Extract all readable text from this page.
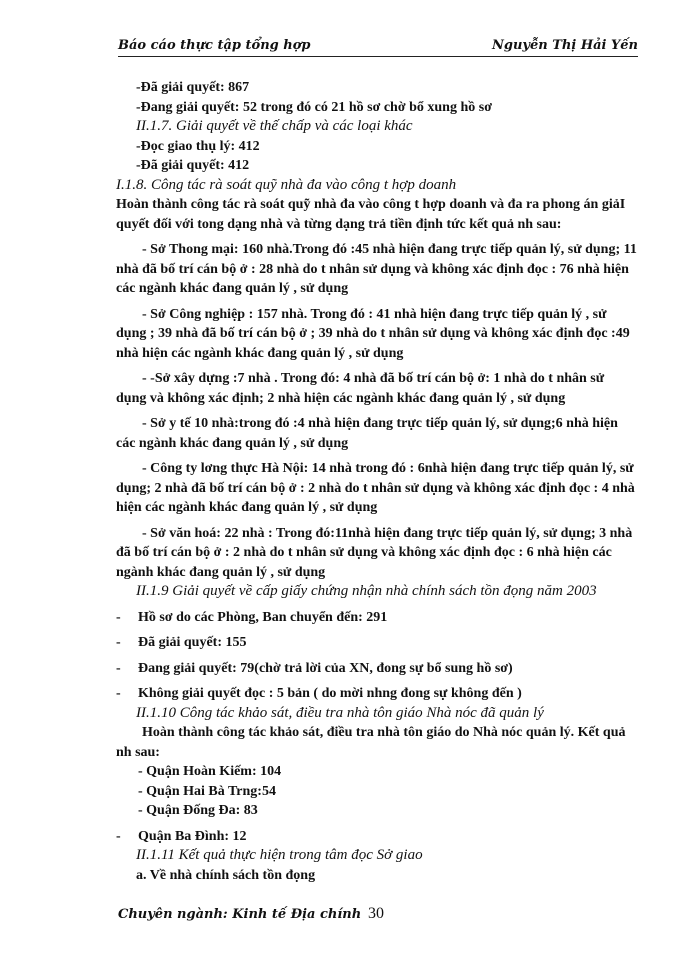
Báo cáo thực tập tổng hợp	Nguyễn Thị Hải Yến

-Đã giải quyết: 867

-Đang giải quyết: 52 trong đó có 21 hồ sơ chờ bổ xung hồ sơ

II.1.7. Giải quyết về thế chấp và các loại khác

-Đọc giao thụ lý: 412

-Đã giải quyết: 412

I.1.8. Công tác rà soát quỹ nhà đa vào công t hợp doanh

Hoàn thành công tác rà soát quỹ nhà đa vào công t hợp doanh và đa ra phong án giảI quyết đối với tong dạng nhà và từng dạng trả tiền định tức kết quả nh sau:

‐ Sở Thong mại: 160 nhà.Trong đó :45 nhà hiện đang trực tiếp quản lý, sử dụng; 11 nhà đã bố trí cán bộ ở : 28 nhà do t nhân sử dụng và không xác định đọc : 76 nhà hiện các ngành khác đang quản lý , sử dụng

‐ Sở Công nghiệp : 157 nhà. Trong đó : 41 nhà hiện đang trực tiếp quản lý , sử dụng ; 39 nhà đã bố trí cán bộ ở ; 39 nhà do t nhân sử dụng và không xác định đọc :49 nhà hiện các ngành khác đang quản lý , sử dụng

‐ -Sở xây dựng :7 nhà . Trong đó: 4 nhà đã bố trí cán bộ ở: 1 nhà do t nhân sử dụng và không xác định; 2 nhà hiện các ngành khác đang quản lý , sử dụng

‐ Sở y tế 10 nhà:trong đó :4 nhà hiện đang trực tiếp quản lý, sử dụng;6 nhà hiện các ngành khác đang quản lý , sử dụng

‐ Công ty lơng thực Hà Nội: 14 nhà trong đó : 6nhà hiện đang trực tiếp quản lý, sử dụng; 2 nhà đã bố trí cán bộ ở : 2 nhà do t nhân sử dụng và không xác định đọc : 4 nhà hiện các ngành khác đang quản lý , sử dụng

‐ Sở văn hoá: 22 nhà : Trong đó:11nhà hiện đang trực tiếp quản lý, sử dụng; 3 nhà đã bố trí cán bộ ở : 2 nhà do t nhân sử dụng và không xác định đọc : 6 nhà hiện các ngành khác đang quản lý , sử dụng

II.1.9 Giải quyết về cấp giấy chứng nhận nhà chính sách tồn đọng năm 2003

‐ Hồ sơ do các Phòng, Ban chuyển đến: 291

‐ Đã giải quyết: 155

‐ Đang giải quyết: 79(chờ trả lời của XN, đong sự bổ sung hồ sơ)

‐ Không giải quyết đọc : 5 bản ( do mời nhng đong sự không đến )

II.1.10 Công tác khảo sát, điều tra nhà tôn giáo Nhà nóc đã quản lý

Hoàn thành công tác khảo sát, điều tra nhà tôn giáo do Nhà nóc quản lý. Kết quả nh sau:

- Quận Hoàn Kiếm: 104

- Quận Hai Bà Trng:54

- Quận Đống Đa: 83

‐ Quận Ba Đình: 12

II.1.11 Kết quả thực hiện trong tâm đọc Sở giao

a. Về nhà chính sách tồn đọng

Chuyên ngành: Kinh tế Địa chính 30
